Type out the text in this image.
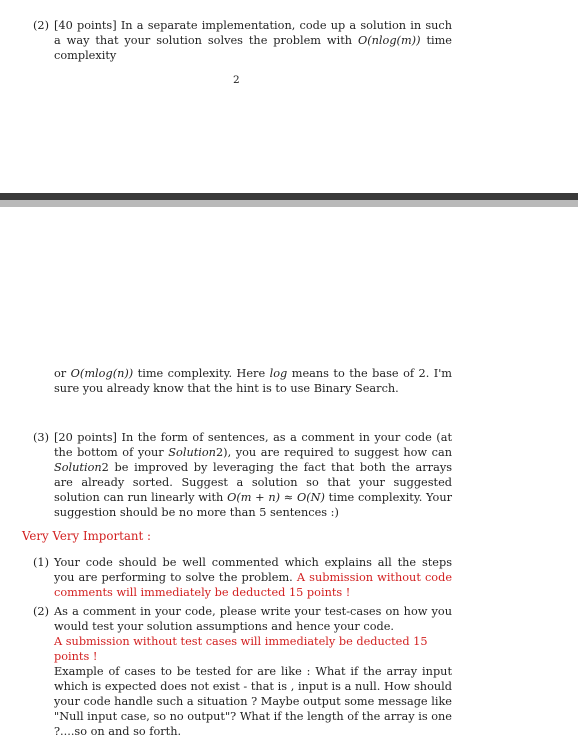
(2) [40 points] In a separate implementation, code up a solution in such a way that your solution solves the problem with O(nlog(m)) time complexity
2
or O(mlog(n)) time complexity. Here log means to the base of 2. I'm sure you already know that the hint is to use Binary Search.
(3) [20 points] In the form of sentences, as a comment in your code (at the bottom of your Solution2), you are required to suggest how can Solution2 be improved by leveraging the fact that both the arrays are already sorted. Suggest a solution so that your suggested solution can run linearly with O(m + n) ≈ O(N) time complexity. Your suggestion should be no more than 5 sentences :)
Very Very Important :
(1) Your code should be well commented which explains all the steps you are performing to solve the problem. A submission without code comments will immediately be deducted 15 points !
(2) As a comment in your code, please write your test-cases on how you would test your solution assumptions and hence your code.
A submission without test cases will immediately be deducted 15 points !
Example of cases to be tested for are like : What if the array input which is expected does not exist - that is , input is a null. How should your code handle such a situation ? Maybe output some message like "Null input case, so no output"? What if the length of the array is one ?....so on and so forth.
